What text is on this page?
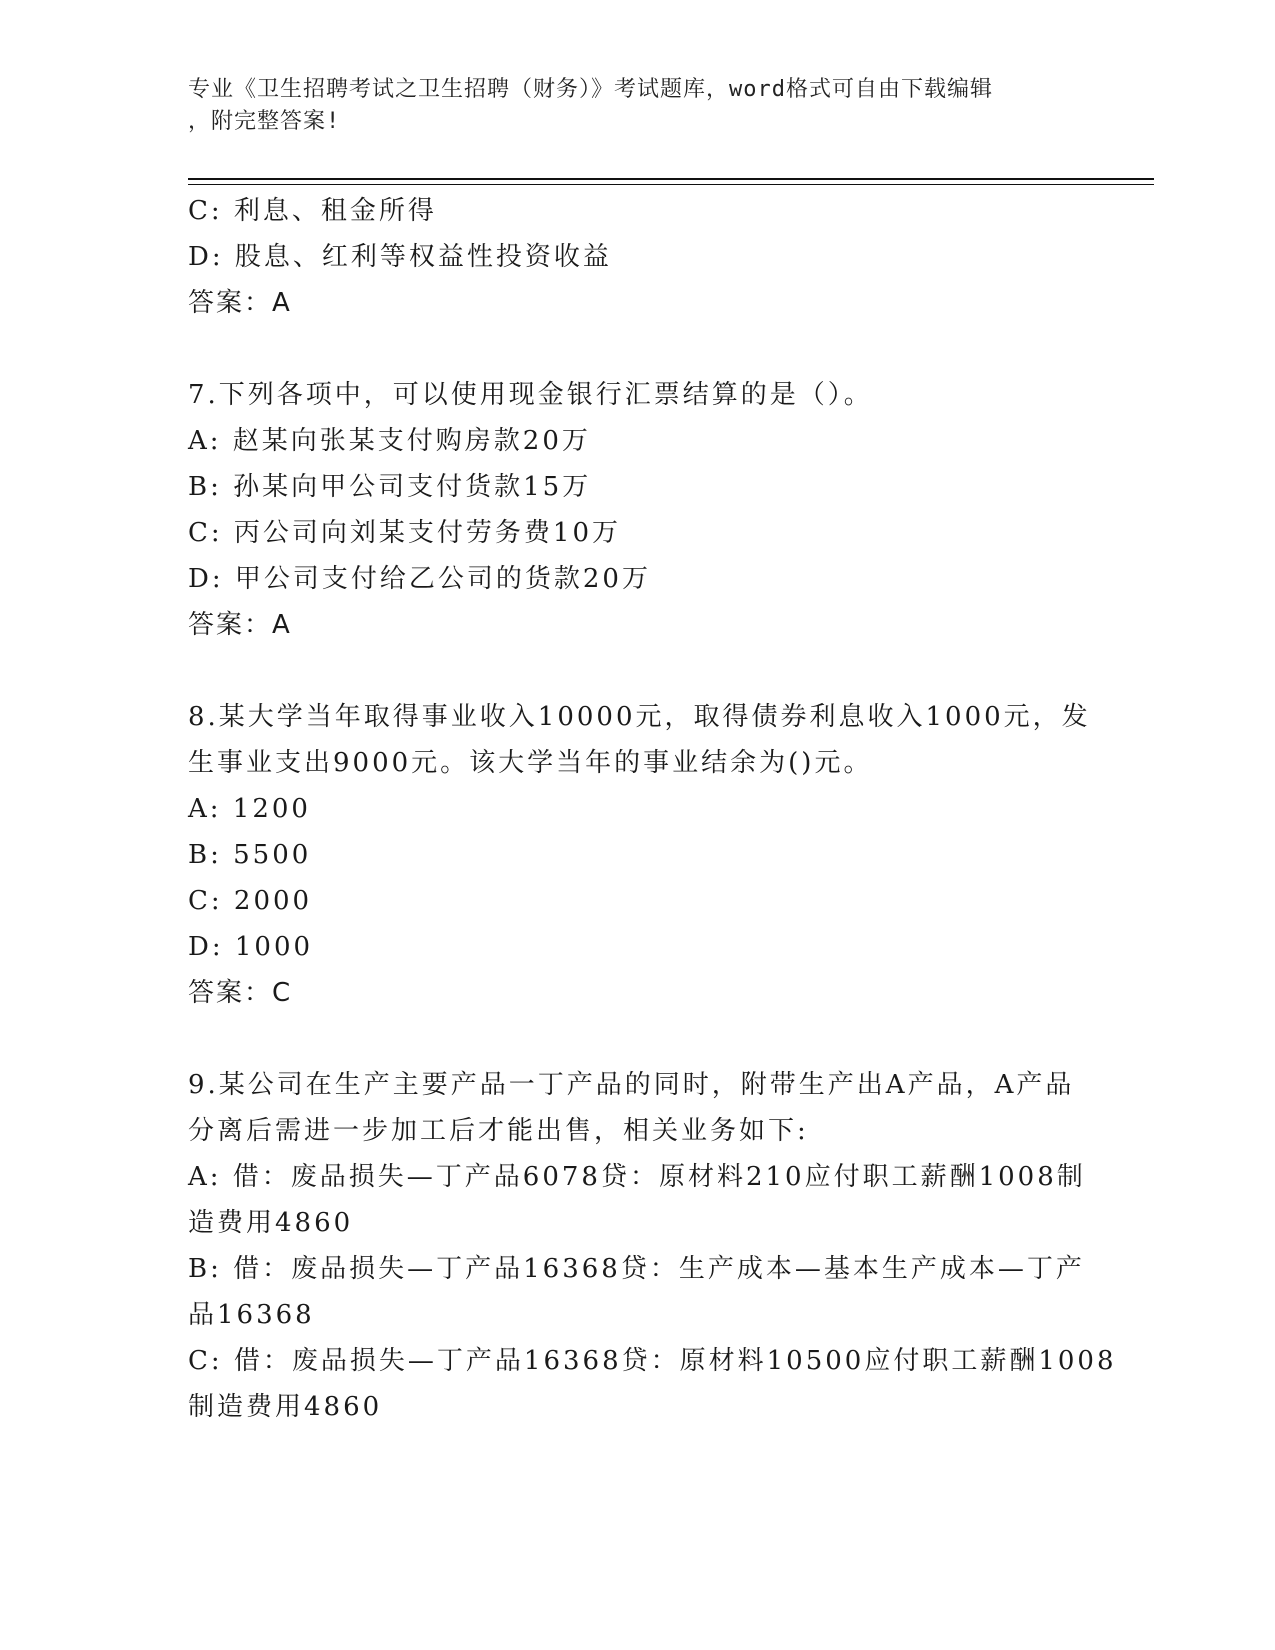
专业《卫生招聘考试之卫生招聘（财务）》考试题库，word格式可自由下载编辑
，附完整答案!
C: 利息、租金所得
D: 股息、红利等权益性投资收益
答案：A
7.下列各项中，可以使用现金银行汇票结算的是（）。
A: 赵某向张某支付购房款20万
B: 孙某向甲公司支付货款15万
C: 丙公司向刘某支付劳务费10万
D: 甲公司支付给乙公司的货款20万
答案：A
8.某大学当年取得事业收入10000元，取得债券利息收入1000元，发
生事业支出9000元。该大学当年的事业结余为()元。
A: 1200
B: 5500
C: 2000
D: 1000
答案：C
9.某公司在生产主要产品一丁产品的同时，附带生产出A产品，A产品
分离后需进一步加工后才能出售，相关业务如下:
A: 借：废品损失—丁产品6078贷：原材料210应付职工薪酬1008制
造费用4860
B: 借：废品损失—丁产品16368贷：生产成本—基本生产成本—丁产
品16368
C: 借：废品损失—丁产品16368贷：原材料10500应付职工薪酬1008
制造费用4860
